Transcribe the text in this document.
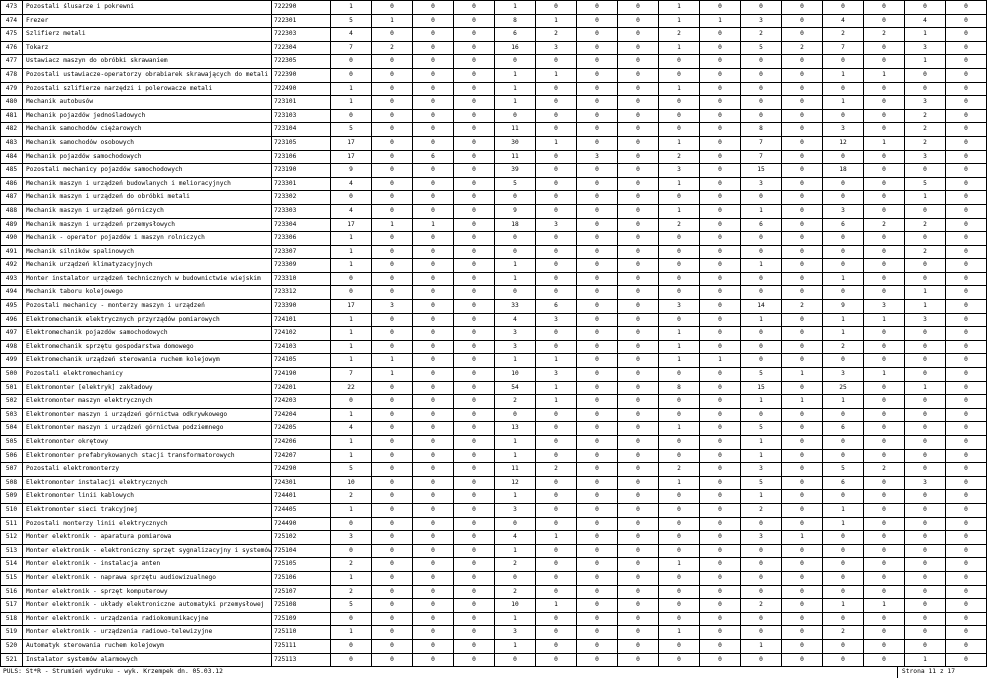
473	Pozostali ślusarze i pokrewni	722290	1	0	0	0	1	0	0	0	1	0	0	0	0	0	0	0
474	Frezer	722301	5	1	0	0	8	1	0	0	1	1	3	0	4	0	4	0
475	Szlifierz metali	722303	4	0	0	0	6	2	0	0	2	0	2	0	2	2	1	0
476	Tokarz	722304	7	2	0	0	16	3	0	0	1	0	5	2	7	0	3	0
477	Ustawiacz maszyn do obróbki skrawaniem	722305	0	0	0	0	0	0	0	0	0	0	0	0	0	0	1	0
478	Pozostali ustawiacze-operatorzy obrabiarek skrawających do metali	722390	0	0	0	0	1	1	0	0	0	0	0	0	1	1	0	0
479	Pozostali szlifierze narzędzi i polerowacze metali	722490	1	0	0	0	1	0	0	0	1	0	0	0	0	0	0	0
480	Mechanik autobusów	723101	1	0	0	0	1	0	0	0	0	0	0	0	1	0	3	0
481	Mechanik pojazdów jednośladowych	723103	0	0	0	0	0	0	0	0	0	0	0	0	0	0	2	0
482	Mechanik samochodów ciężarowych	723104	5	0	0	0	11	0	0	0	0	0	8	0	3	0	2	0
483	Mechanik samochodów osobowych	723105	17	0	0	0	30	1	0	0	1	0	7	0	12	1	2	0
484	Mechanik pojazdów samochodowych	723106	17	0	6	0	11	0	3	0	2	0	7	0	0	0	3	0
485	Pozostali mechanicy pojazdów samochodowych	723190	9	0	0	0	39	0	0	0	3	0	15	0	18	0	0	0
486	Mechanik maszyn i urządzeń budowlanych i melioracyjnych	723301	4	0	0	0	5	0	0	0	1	0	3	0	0	0	5	0
487	Mechanik maszyn i urządzeń do obróbki metali	723302	0	0	0	0	0	0	0	0	0	0	0	0	0	0	1	0
488	Mechanik maszyn i urządzeń górniczych	723303	4	0	0	0	9	0	0	0	1	0	1	0	3	0	0	0
489	Mechanik maszyn i urządzeń przemysłowych	723304	17	1	1	0	18	3	0	0	2	0	6	0	6	2	2	0
490	Mechanik - operator pojazdów i maszyn rolniczych	723306	1	0	0	0	0	0	0	0	0	0	0	0	0	0	0	0
491	Mechanik silników spalinowych	723307	1	0	0	0	0	0	0	0	0	0	0	0	0	0	2	0
492	Mechanik urządzeń klimatyzacyjnych	723309	1	0	0	0	1	0	0	0	0	0	1	0	0	0	0	0
493	Monter instalator urządzeń technicznych w budownictwie wiejskim	723310	0	0	0	0	1	0	0	0	0	0	0	0	1	0	0	0
494	Mechanik taboru kolejowego	723312	0	0	0	0	0	0	0	0	0	0	0	0	0	0	1	0
495	Pozostali mechanicy - monterzy maszyn i urządzeń	723390	17	3	0	0	33	6	0	0	3	0	14	2	9	3	1	0
496	Elektromechanik elektrycznych przyrządów pomiarowych	724101	1	0	0	0	4	3	0	0	0	0	1	0	1	1	3	0
497	Elektromechanik pojazdów samochodowych	724102	1	0	0	0	3	0	0	0	1	0	0	0	1	0	0	0
498	Elektromechanik sprzętu gospodarstwa domowego	724103	1	0	0	0	3	0	0	0	1	0	0	0	2	0	0	0
499	Elektromechanik urządzeń sterowania ruchem kolejowym	724105	1	1	0	0	1	1	0	0	1	1	0	0	0	0	0	0
500	Pozostali elektromechanicy	724190	7	1	0	0	10	3	0	0	0	0	5	1	3	1	0	0
501	Elektromonter [elektryk] zakładowy	724201	22	0	0	0	54	1	0	0	8	0	15	0	25	0	1	0
502	Elektromonter maszyn elektrycznych	724203	0	0	0	0	2	1	0	0	0	0	1	1	1	0	0	0
503	Elektromonter maszyn i urządzeń górnictwa odkrywkowego	724204	1	0	0	0	0	0	0	0	0	0	0	0	0	0	0	0
504	Elektromonter maszyn i urządzeń górnictwa podziemnego	724205	4	0	0	0	13	0	0	0	1	0	5	0	6	0	0	0
505	Elektromonter okrętowy	724206	1	0	0	0	1	0	0	0	0	0	1	0	0	0	0	0
506	Elektromonter prefabrykowanych stacji transformatorowych	724207	1	0	0	0	1	0	0	0	0	0	1	0	0	0	0	0
507	Pozostali elektromonterzy	724290	5	0	0	0	11	2	0	0	2	0	3	0	5	2	0	0
508	Elektromonter instalacji elektrycznych	724301	10	0	0	0	12	0	0	0	1	0	5	0	6	0	3	0
509	Elektromonter linii kablowych	724401	2	0	0	0	1	0	0	0	0	0	1	0	0	0	0	0
510	Elektromonter sieci trakcyjnej	724405	1	0	0	0	3	0	0	0	0	0	2	0	1	0	0	0
511	Pozostali monterzy linii elektrycznych	724490	0	0	0	0	0	0	0	0	0	0	0	0	1	0	0	0
512	Monter elektronik - aparatura pomiarowa	725102	3	0	0	0	4	1	0	0	0	0	3	1	0	0	0	0
513	Monter elektronik - elektroniczny sprzęt sygnalizacyjny i systemów	725104	0	0	0	0	1	0	0	0	0	0	0	0	0	0	0	0
514	Monter elektronik - instalacja anten	725105	2	0	0	0	2	0	0	0	1	0	0	0	0	0	0	0
515	Monter elektronik - naprawa sprzętu audiowizualnego	725106	1	0	0	0	0	0	0	0	0	0	0	0	0	0	0	0
516	Monter elektronik - sprzęt komputerowy	725107	2	0	0	0	2	0	0	0	0	0	0	0	0	0	0	0
517	Monter elektronik - układy elektroniczne automatyki przemysłowej	725108	5	0	0	0	10	1	0	0	0	0	2	0	1	1	0	0
518	Monter elektronik - urządzenia radiokomunikacyjne	725109	0	0	0	0	1	0	0	0	0	0	0	0	0	0	0	0
519	Monter elektronik - urządzenia radiowo-telewizyjne	725110	1	0	0	0	3	0	0	0	1	0	0	0	2	0	0	0
520	Automatyk sterowania ruchem kolejowym	725111	0	0	0	0	1	0	0	0	0	0	1	0	0	0	0	0
521	Instalator systemów alarmowych	725113	0	0	0	0	0	0	0	0	0	0	0	0	0	0	1	0
PULS: St*R - Strumień wydruku - wyk. Krzempek dn. 05.03.12	Strona 11 z 17
